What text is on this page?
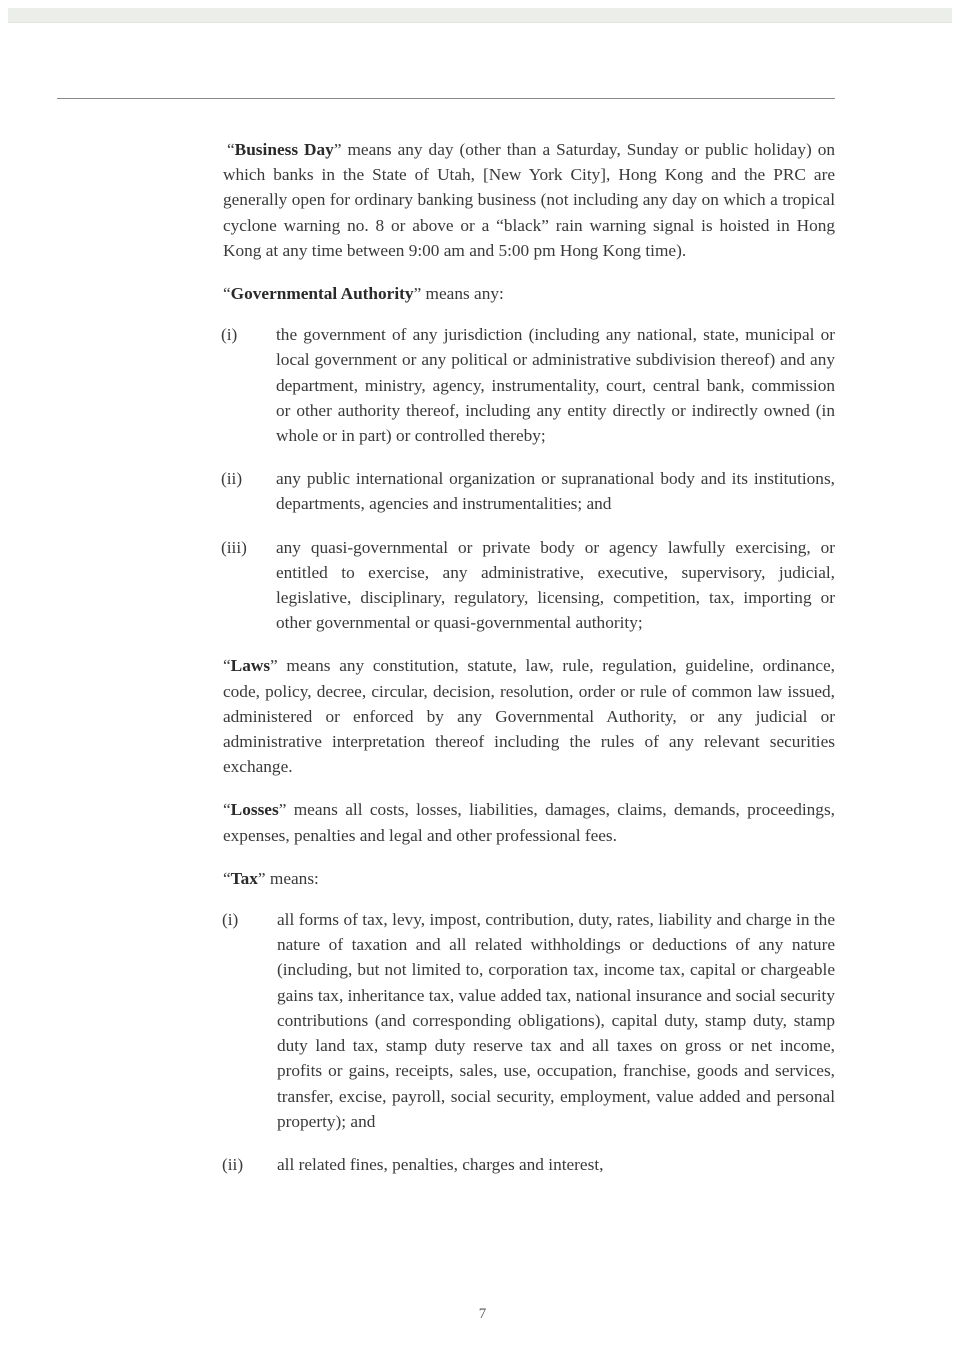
“Business Day” means any day (other than a Saturday, Sunday or public holiday) on which banks in the State of Utah, [New York City], Hong Kong and the PRC are generally open for ordinary banking business (not including any day on which a tropical cyclone warning no. 8 or above or a “black” rain warning signal is hoisted in Hong Kong at any time between 9:00 am and 5:00 pm Hong Kong time).

“Governmental Authority” means any:

(i)	the government of any jurisdiction (including any national, state, municipal or local government or any political or administrative subdivision thereof) and any department, ministry, agency, instrumentality, court, central bank, commission or other authority thereof, including any entity directly or indirectly owned (in whole or in part) or controlled thereby;
(ii)	any public international organization or supranational body and its institutions, departments, agencies and instrumentalities; and
(iii)	any quasi-governmental or private body or agency lawfully exercising, or entitled to exercise, any administrative, executive, supervisory, judicial, legislative, disciplinary, regulatory, licensing, competition, tax, importing or other governmental or quasi-governmental authority;

“Laws” means any constitution, statute, law, rule, regulation, guideline, ordinance, code, policy, decree, circular, decision, resolution, order or rule of common law issued, administered or enforced by any Governmental Authority, or any judicial or administrative interpretation thereof including the rules of any relevant securities exchange.

“Losses” means all costs, losses, liabilities, damages, claims, demands, proceedings, expenses, penalties and legal and other professional fees.

“Tax” means:

(i)	all forms of tax, levy, impost, contribution, duty, rates, liability and charge in the nature of taxation and all related withholdings or deductions of any nature (including, but not limited to, corporation tax, income tax, capital or chargeable gains tax, inheritance tax, value added tax, national insurance and social security contributions (and corresponding obligations), capital duty, stamp duty, stamp duty land tax, stamp duty reserve tax and all taxes on gross or net income, profits or gains, receipts, sales, use, occupation, franchise, goods and services, transfer, excise, payroll, social security, employment, value added and personal property); and
(ii)	all related fines, penalties, charges and interest,
7
